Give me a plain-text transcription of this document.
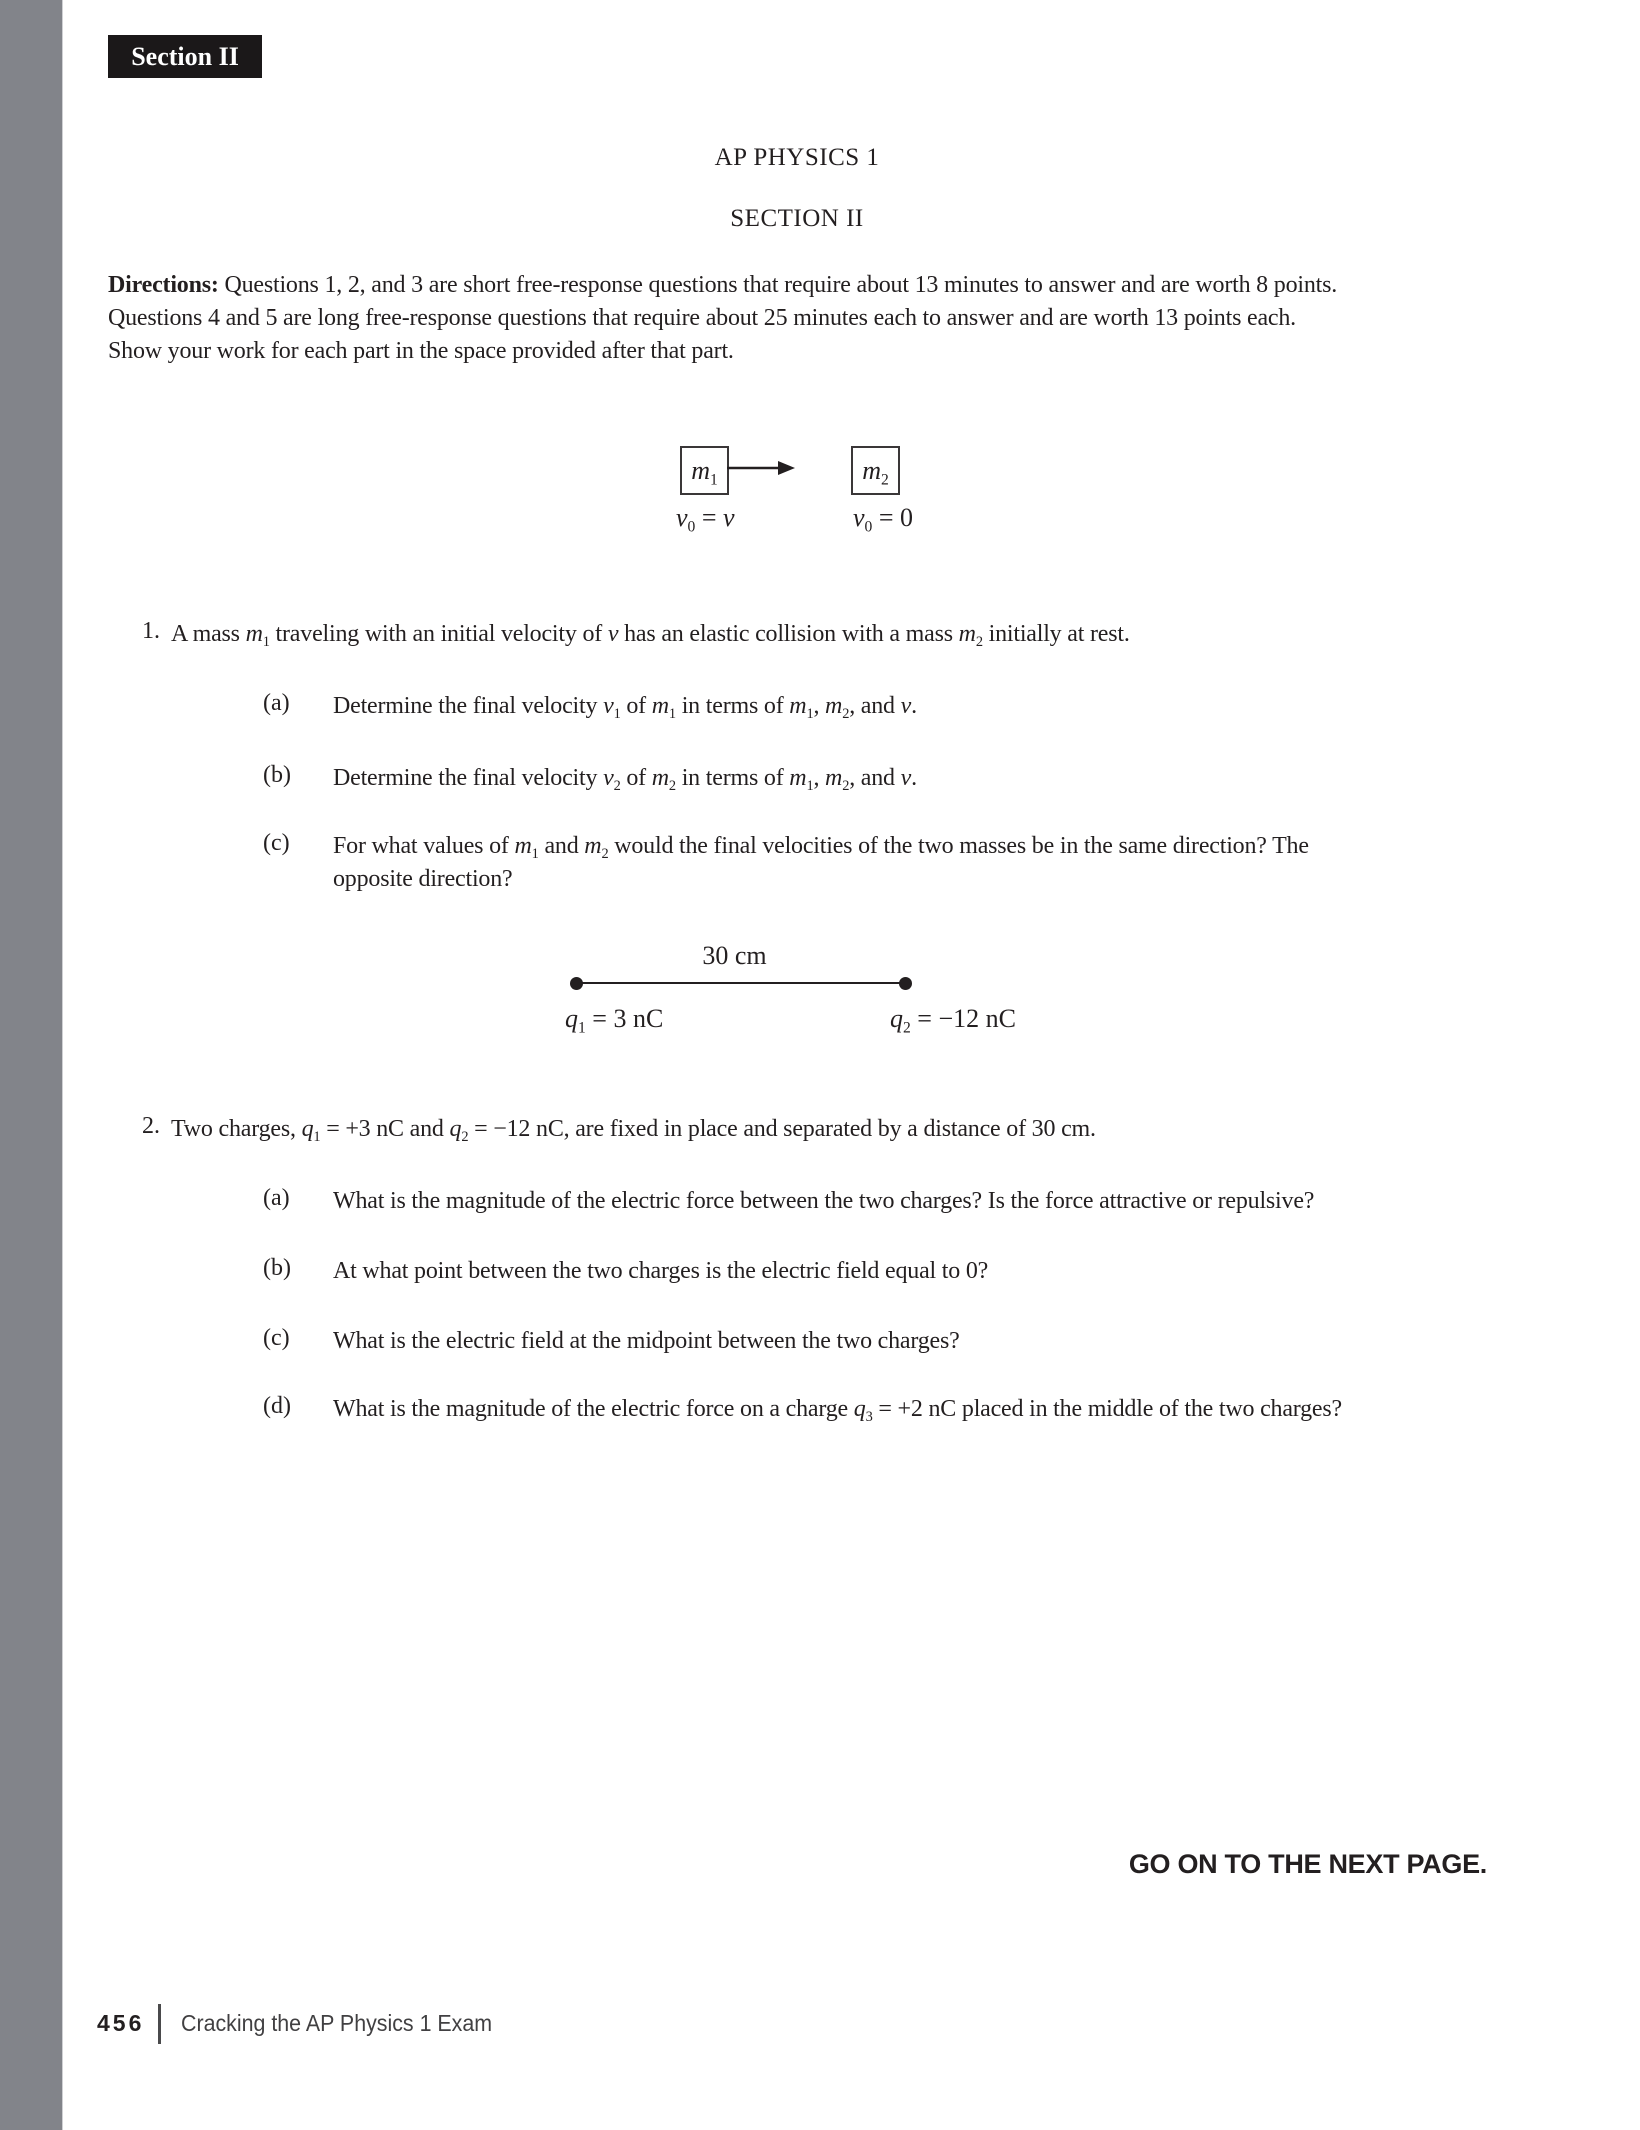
Section II
AP PHYSICS 1
SECTION II
Directions: Questions 1, 2, and 3 are short free-response questions that require about 13 minutes to answer and are worth 8 points.
Questions 4 and 5 are long free-response questions that require about 25 minutes each to answer and are worth 13 points each.
Show your work for each part in the space provided after that part.
$m_1$	$m_2$
$v_0 = v$	$v_0 = 0$
1. A mass $m_1$ traveling with an initial velocity of v has an elastic collision with a mass $m_2$ initially at rest.
(a)	Determine the final velocity $v_1$ of $m_1$ in terms of $m_1$, $m_2$, and v.
(b)	Determine the final velocity $v_2$ of $m_2$ in terms of $m_1$, $m_2$, and v.
(c)	For what values of $m_1$ and $m_2$ would the final velocities of the two masses be in the same direction? The
opposite direction?
30 cm
$q_1 = 3$ nC	$q_2 = -12$ nC
2. Two charges, $q_1 = +3$ nC and $q_2 = -12$ nC, are fixed in place and separated by a distance of 30 cm.
(a)	What is the magnitude of the electric force between the two charges? Is the force attractive or repulsive?
(b)	At what point between the two charges is the electric field equal to 0?
(c)	What is the electric field at the midpoint between the two charges?
(d)	What is the magnitude of the electric force on a charge $q_3 = +2$ nC placed in the middle of the two charges?
GO ON TO THE NEXT PAGE.
456 Cracking the AP Physics 1 Exam
